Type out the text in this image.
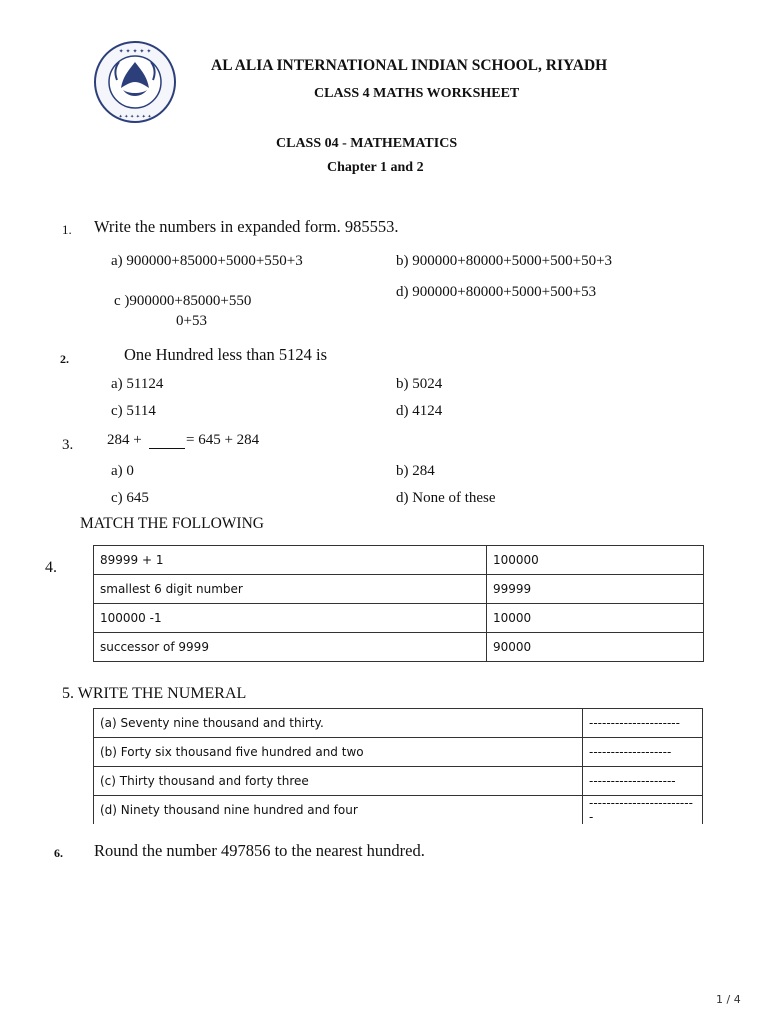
✦ ✦ ✦ ✦ ✦
✦ ✦ ✦ ✦ ✦ ✦
AL ALIA INTERNATIONAL INDIAN SCHOOL, RIYADH
CLASS 4 MATHS WORKSHEET
CLASS 04 - MATHEMATICS
Chapter 1 and 2
1. Write the numbers in expanded form. 985553.
a) 900000+85000+5000+550+3	b) 900000+80000+5000+500+50+3
d) 900000+80000+5000+500+53
c )900000+85000+550
0+53
2.	One Hundred less than 5124 is
a) 51124	b) 5024
c) 5114	d) 4124
3. 284 +	= 645 + 284
a) 0	b) 284
c) 645	d) None of these
MATCH THE FOLLOWING
4.	89999 + 1	100000
smallest 6 digit number	99999
100000 -1	10000
successor of 9999	90000
5. WRITE THE NUMERAL
(a) Seventy nine thousand and thirty.	---------------------
(b) Forty six thousand five hundred and two	-------------------
(c) Thirty thousand and forty three	--------------------
(d) Ninety thousand nine hundred and four	-------------------------
6. Round the number 497856 to the nearest hundred.
1 / 4
